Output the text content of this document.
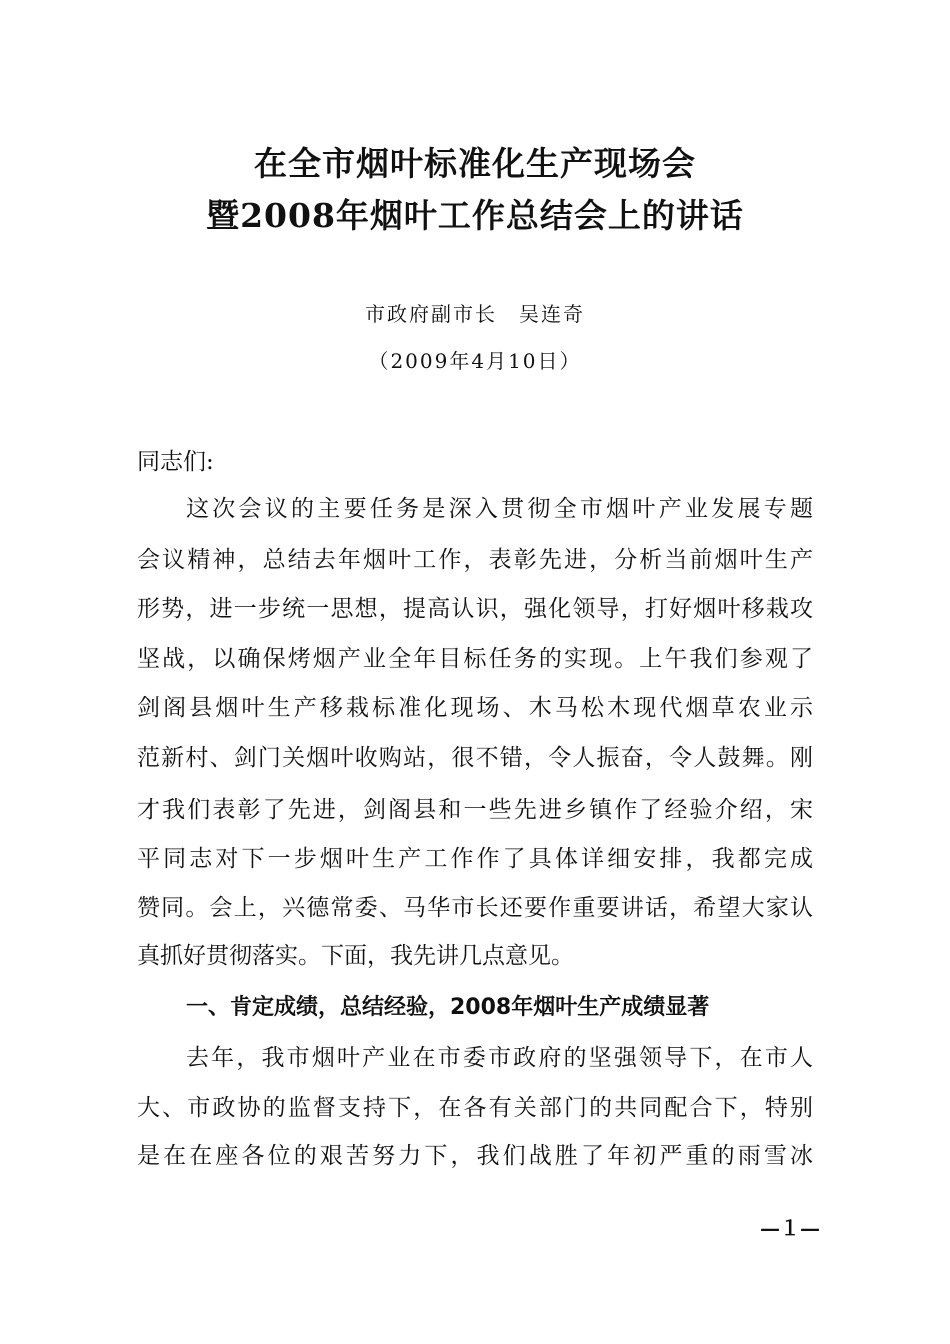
在全市烟叶标准化生产现场会
暨2008年烟叶工作总结会上的讲话
市政府副市长　吴连奇
（2009年4月10日）
同志们:
这次会议的主要任务是深入贯彻全市烟叶产业发展专题
会议精神，总结去年烟叶工作，表彰先进，分析当前烟叶生产
形势，进一步统一思想，提高认识，强化领导，打好烟叶移栽攻
坚战，以确保烤烟产业全年目标任务的实现。上午我们参观了
剑阁县烟叶生产移栽标准化现场、木马松木现代烟草农业示
范新村、剑门关烟叶收购站，很不错，令人振奋，令人鼓舞。刚
才我们表彰了先进，剑阁县和一些先进乡镇作了经验介绍，宋
平同志对下一步烟叶生产工作作了具体详细安排，我都完成
赞同。会上，兴德常委、马华市长还要作重要讲话，希望大家认
真抓好贯彻落实。下面，我先讲几点意见。
一、肯定成绩，总结经验，2008年烟叶生产成绩显著
去年，我市烟叶产业在市委市政府的坚强领导下，在市人
大、市政协的监督支持下，在各有关部门的共同配合下，特别
是在在座各位的艰苦努力下，我们战胜了年初严重的雨雪冰
—１—
